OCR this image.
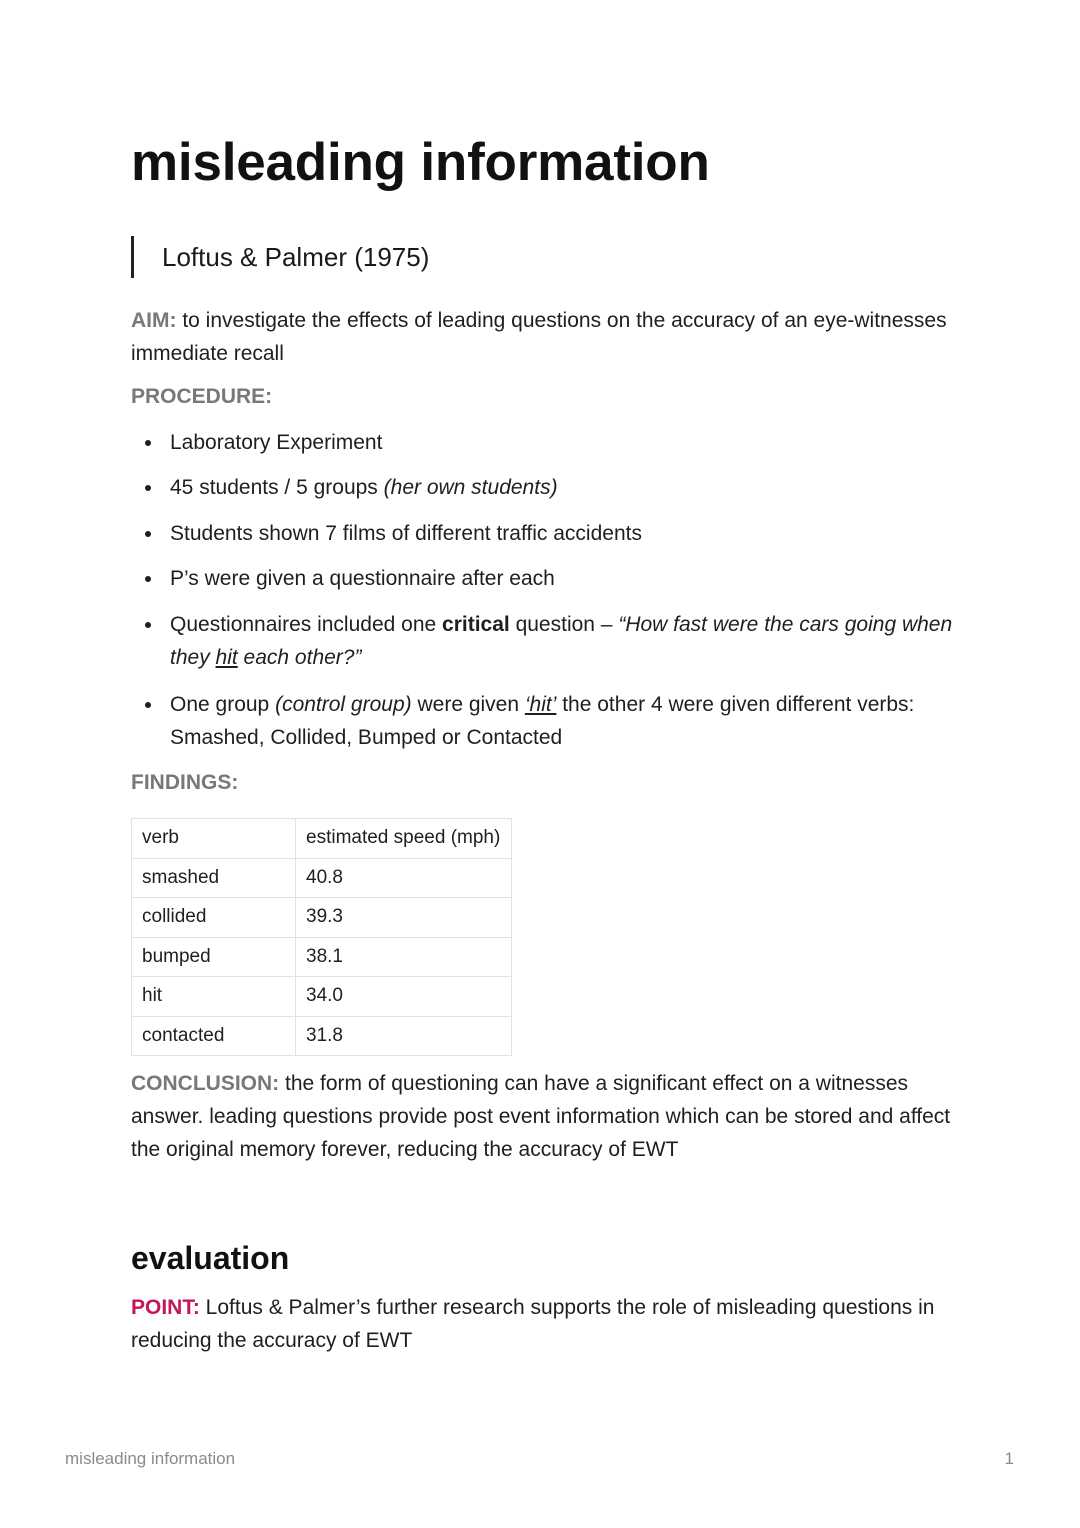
misleading information
Loftus & Palmer (1975)
AIM: to investigate the effects of leading questions on the accuracy of an eye-witnesses immediate recall
PROCEDURE:
Laboratory Experiment
45 students / 5 groups (her own students)
Students shown 7 films of different traffic accidents
P’s were given a questionnaire after each
Questionnaires included one critical question – “How fast were the cars going when they hit each other?”
One group (control group) were given ‘hit’ the other 4 were given different verbs: Smashed, Collided, Bumped or Contacted
FINDINGS:
verb	estimated speed (mph)
smashed	40.8
collided	39.3
bumped	38.1
hit	34.0
contacted	31.8
CONCLUSION: the form of questioning can have a significant effect on a witnesses answer. leading questions provide post event information which can be stored and affect the original memory forever, reducing the accuracy of EWT
evaluation
POINT: Loftus & Palmer’s further research supports the role of misleading questions in reducing the accuracy of EWT
misleading information	1
